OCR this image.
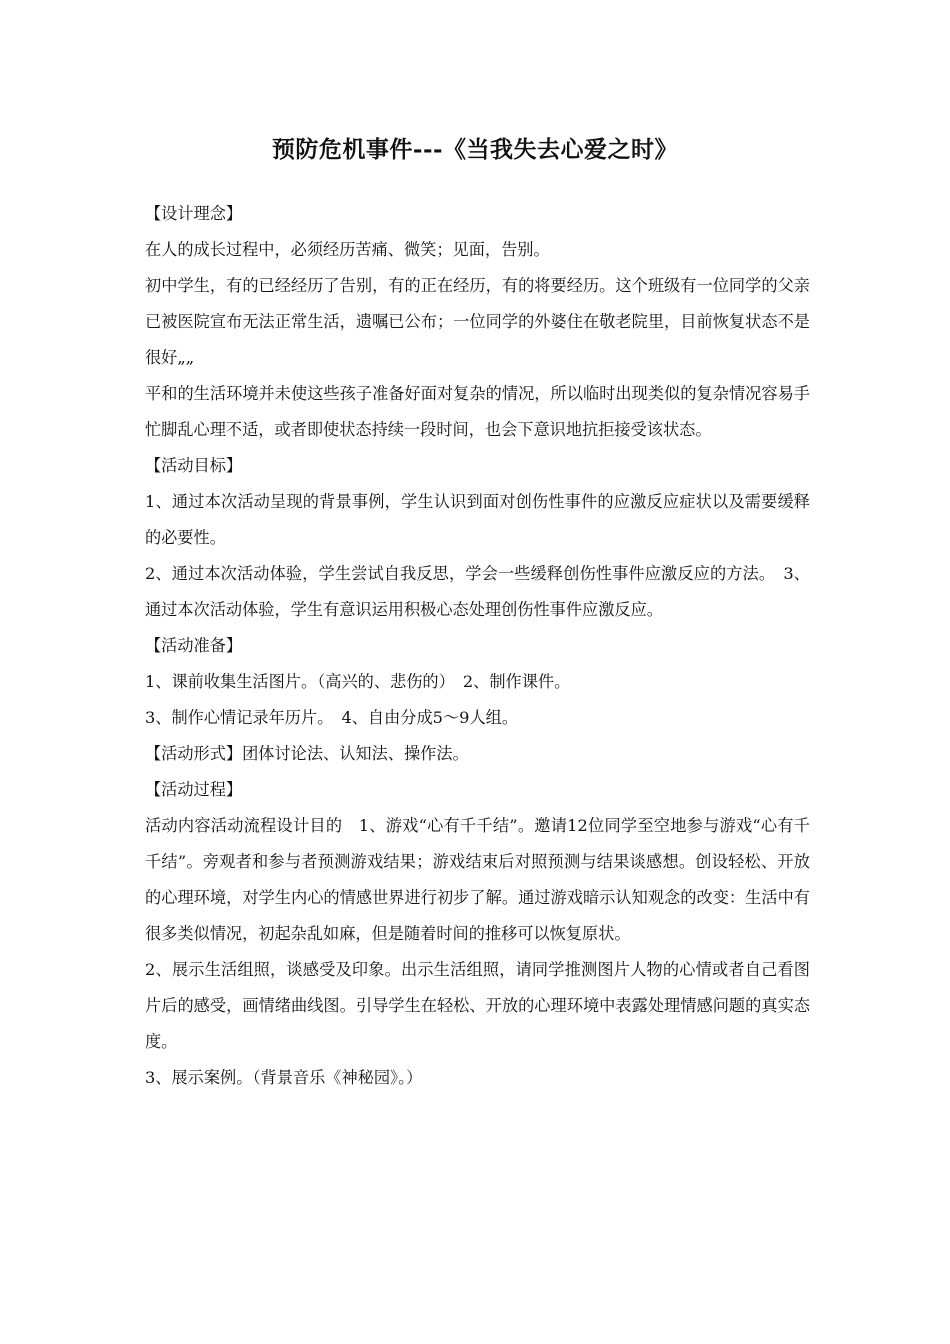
预防危机事件---《当我失去心爱之时》

【设计理念】

在人的成长过程中，必须经历苦痛、微笑；见面，告别。

初中学生，有的已经经历了告别，有的正在经历，有的将要经历。这个班级有一位同学的父亲已被医院宣布无法正常生活，遗嘱已公布；一位同学的外婆住在敬老院里，目前恢复状态不是很好„„

平和的生活环境并未使这些孩子准备好面对复杂的情况，所以临时出现类似的复杂情况容易手忙脚乱心理不适，或者即使状态持续一段时间，也会下意识地抗拒接受该状态。

【活动目标】

1、通过本次活动呈现的背景事例，学生认识到面对创伤性事件的应激反应症状以及需要缓释的必要性。

2、通过本次活动体验，学生尝试自我反思，学会一些缓释创伤性事件应激反应的方法。　3、通过本次活动体验，学生有意识运用积极心态处理创伤性事件应激反应。

【活动准备】

1、课前收集生活图片。（高兴的、悲伤的）　2、制作课件。

3、制作心情记录年历片。　4、自由分成5～9人组。

【活动形式】团体讨论法、认知法、操作法。

【活动过程】

活动内容活动流程设计目的　1、游戏“心有千千结”。邀请12位同学至空地参与游戏“心有千千结”。旁观者和参与者预测游戏结果；游戏结束后对照预测与结果谈感想。创设轻松、开放的心理环境，对学生内心的情感世界进行初步了解。通过游戏暗示认知观念的改变：生活中有很多类似情况，初起杂乱如麻，但是随着时间的推移可以恢复原状。

2、展示生活组照，谈感受及印象。出示生活组照，请同学推测图片人物的心情或者自己看图片后的感受，画情绪曲线图。引导学生在轻松、开放的心理环境中表露处理情感问题的真实态度。

3、展示案例。（背景音乐《神秘园》。）
